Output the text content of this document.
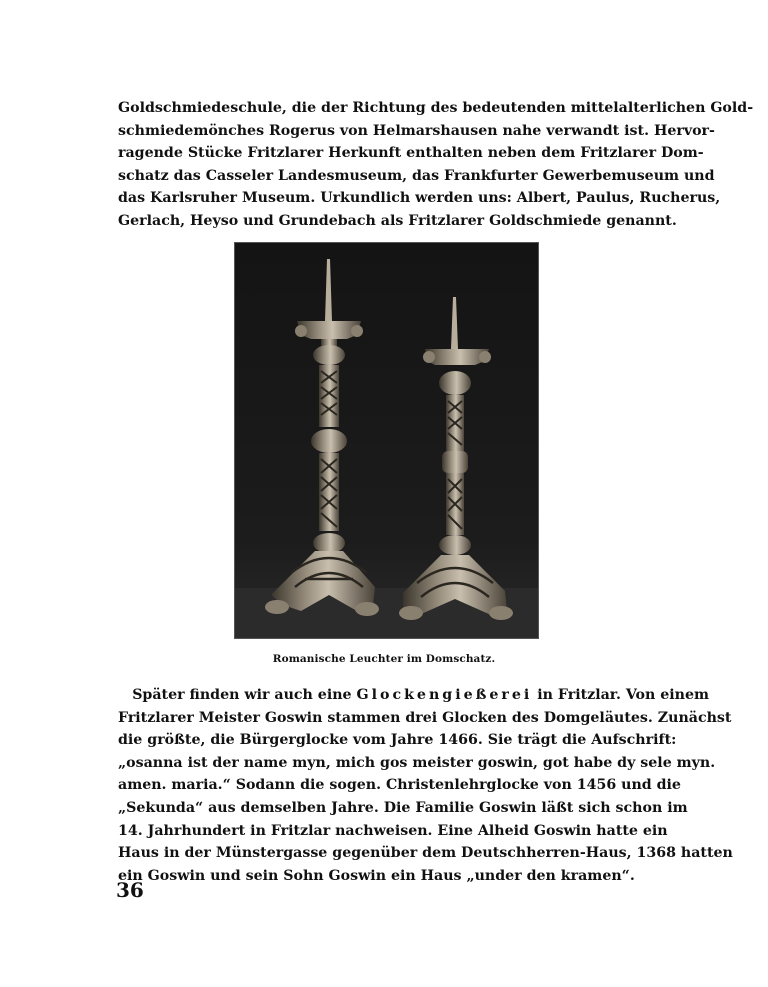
Goldschmiedeschule, die der Richtung des bedeutenden mittelalterlichen Gold-
schmiedemönches Rogerus von Helmarshausen nahe verwandt ist. Hervor-
ragende Stücke Fritzlarer Herkunft enthalten neben dem Fritzlarer Dom-
schatz das Casseler Landesmuseum, das Frankfurter Gewerbemuseum und
das Karlsruher Museum. Urkundlich werden uns: Albert, Paulus, Rucherus,
Gerlach, Heyso und Grundebach als Fritzlarer Goldschmiede genannt.
Romanische Leuchter im Domschatz.
 Später finden wir auch eine Glockengießerei in Fritzlar. Von einem
Fritzlarer Meister Goswin stammen drei Glocken des Domgeläutes. Zunächst
die größte, die Bürgerglocke vom Jahre 1466. Sie trägt die Aufschrift:
„osanna ist der name myn, mich gos meister goswin, got habe dy sele myn.
amen. maria.“ Sodann die sogen. Christenlehrglocke von 1456 und die
„Sekunda“ aus demselben Jahre. Die Familie Goswin läßt sich schon im
14. Jahrhundert in Fritzlar nachweisen. Eine Alheid Goswin hatte ein
Haus in der Münstergasse gegenüber dem Deutschherren-Haus, 1368 hatten
ein Goswin und sein Sohn Goswin ein Haus „under den kramen“.
36
